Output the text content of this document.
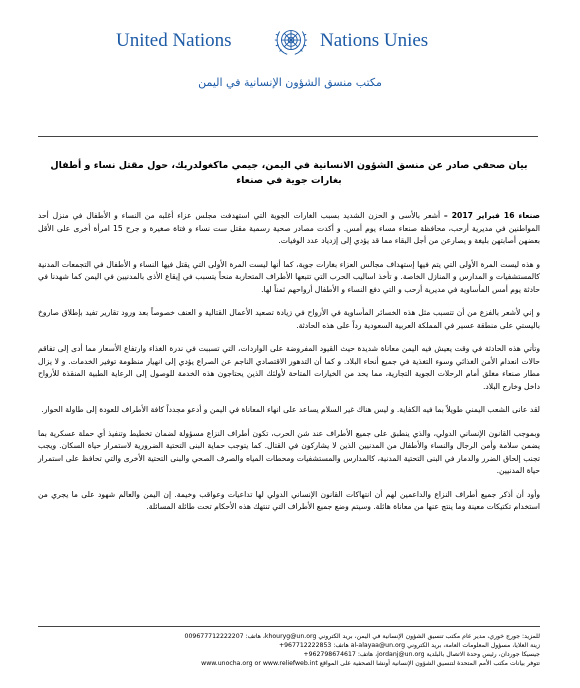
United Nations	Nations Unies
مكتب منسق الشؤون الإنسانية في اليمن
بيان صحفي صادر عن منسق الشؤون الانسانية في اليمن، جيمي ماكغولدريك، حول مقتل نساء و أطفال بغارات جوية في صنعاء

صنعاء 16 فبراير 2017 – أشعر بالأسى و الحزن الشديد بسبب الغارات الجوية التي استهدفت مجلس عزاء أغلبه من النساء و الأطفال في منزل أحد المواطنين في مديرية أرحب، محافظة صنعاء مساء يوم أمس. و أكدت مصادر صحية رسمية مقتل ست نساء و فتاة صغيرة و جرح 15 امرأة أخرى على الأقل بعضهن أصابتهن بليغة و يصارعن من أجل البقاء مما قد يؤدي إلى إزدياد عدد الوفيات.

و هذه ليست المرة الأولى التي يتم فيها إستهداف مجالس العزاء بغارات جوية، كما أنها ليست المرة الأولى التي يقتل فيها النساء و الأطفال في التجمعات المدنية كالمستشفيات و المدارس و المنازل الخاصة. و تأخذ اساليب الحرب التي تتبعها الأطراف المتحاربة منحاً يتسبب في إيقاع الأذى بالمدنيين في اليمن كما شهدنا في حادثة يوم أمس المأساوية في مديرية أرحب و التي دفع النساء و الأطفال أرواحهم ثمناً لها.

و إني لأشعر بالفزع من أن تتسبب مثل هذه الخسائر المأساوية في الأرواح في زيادة تصعيد الأعمال القتالية و العنف خصوصاً بعد ورود تقارير تفيد بإطلاق صاروخ باليستي على منطقة عسير في المملكة العربية السعودية رداً على هذه الحادثة.

وتأتي هذه الحادثة في وقت يعيش فيه اليمن معاناة شديدة حيث القيود المفروضة على الواردات، التي تسببت في ندرة الغذاء وارتفاع الأسعار مما أدى إلى تفاقم حالات انعدام الأمن الغذائي وسوء التغذية في جميع أنحاء البلاد. و كما أن التدهور الاقتصادي الناجم عن الصراع يؤدي إلى انهيار منظومة توفير الخدمات. و لا يزال مطار صنعاء مغلق أمام الرحلات الجوية التجارية، مما يحد من الخيارات المتاحة لأولئك الذين يحتاجون هذه الخدمة للوصول إلى الرعاية الطبية المنقذة للأرواح داخل وخارج البلاد.

لقد عانى الشعب اليمني طويلاً بما فيه الكفاية. و ليس هناك غير السلام يساعد على انهاء المعاناة في اليمن و أدعو مجدداً كافة الأطراف للعودة إلى طاولة الحوار.

وبموجب القانون الإنساني الدولي، والذي ينطبق على جميع الأطراف عند شن الحرب، تكون أطراف النزاع مسؤولة لضمان تخطيط وتنفيذ أي حملة عسكرية بما يضمن سلامة وأمن الرجال والنساء والأطفال من المدنيين الذين لا يشاركون في القتال. كما يتوجب حماية البنى التحتية الضرورية لاستمرار حياة السكان. ويجب تجنب إلحاق الضرر والدمار في البنى التحتية المدنية، كالمدارس والمستشفيات ومحطات المياه والصرف الصحي والبنى التحتية الأخرى والتي تحافظ على استمرار حياة المدنيين.

وأود أن أذكر جميع أطراف النزاع والداعمين لهم أن انتهاكات القانون الإنساني الدولي لها تداعيات وعواقب وخيمة. إن اليمن والعالم شهود على ما يجري من استخدام تكتيكات معينة وما ينتج عنها من معاناة هائلة. وسيتم وضع جميع الأطراف التي تنتهك هذه الأحكام تحت طائلة المسائلة.

للمزيد: جورج خوري، مدير عام مكتب تنسيق الشؤون الإنسانية في اليمن، بريد الكتروني khouryg@un.org، هاتف: 009677712222207
زينة العلايا، مسؤول المعلومات العامة، بريد الكتروني al-alayaa@un.org هاتف: 967712222853+
جيسيكا جوردان، رئيس وحدة الاتصال بالبلدية jordanj@un.org، هاتف: 962798674617+
تتوفر بيانات مكتب الأمم المتحدة لتنسيق الشؤون الإنسانية أونشا الصحفية على المواقع www.unocha.org or www.reliefweb.int
